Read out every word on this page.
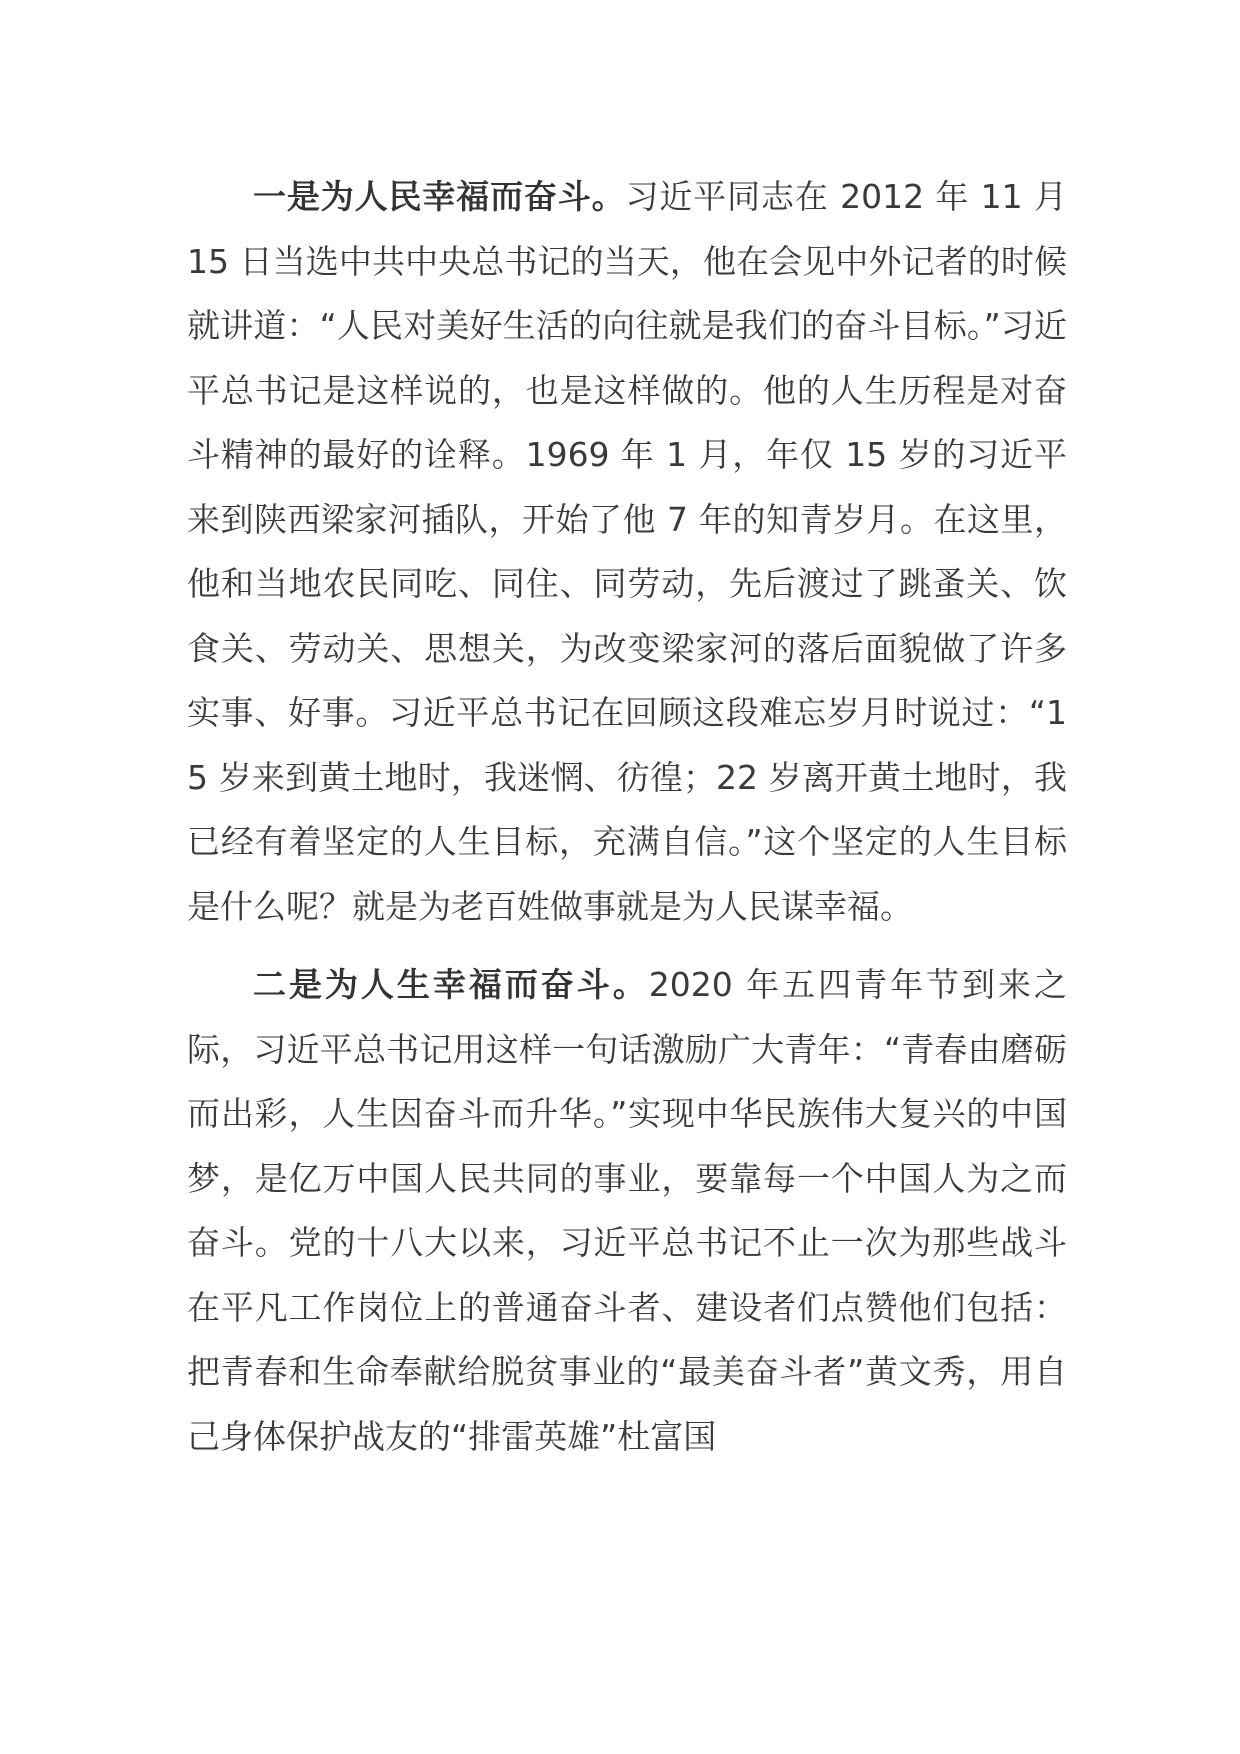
一是为人民幸福而奋斗。习近平同志在 2012 年 11 月 15 日当选中共中央总书记的当天，他在会见中外记者的时候就讲道：“人民对美好生活的向往就是我们的奋斗目标。”习近平总书记是这样说的，也是这样做的。他的人生历程是对奋斗精神的最好的诠释。1969 年 1 月，年仅 15 岁的习近平来到陕西梁家河插队，开始了他 7 年的知青岁月。在这里，他和当地农民同吃、同住、同劳动，先后渡过了跳蚤关、饮食关、劳动关、思想关，为改变梁家河的落后面貌做了许多实事、好事。习近平总书记在回顾这段难忘岁月时说过：“15 岁来到黄土地时，我迷惘、彷徨；22 岁离开黄土地时，我已经有着坚定的人生目标，充满自信。”这个坚定的人生目标是什么呢？就是为老百姓做事就是为人民谋幸福。

二是为人生幸福而奋斗。2020 年五四青年节到来之际，习近平总书记用这样一句话激励广大青年：“青春由磨砺而出彩，人生因奋斗而升华。”实现中华民族伟大复兴的中国梦，是亿万中国人民共同的事业，要靠每一个中国人为之而奋斗。党的十八大以来，习近平总书记不止一次为那些战斗在平凡工作岗位上的普通奋斗者、建设者们点赞他们包括：把青春和生命奉献给脱贫事业的“最美奋斗者”黄文秀，用自己身体保护战友的“排雷英雄”杜富国
